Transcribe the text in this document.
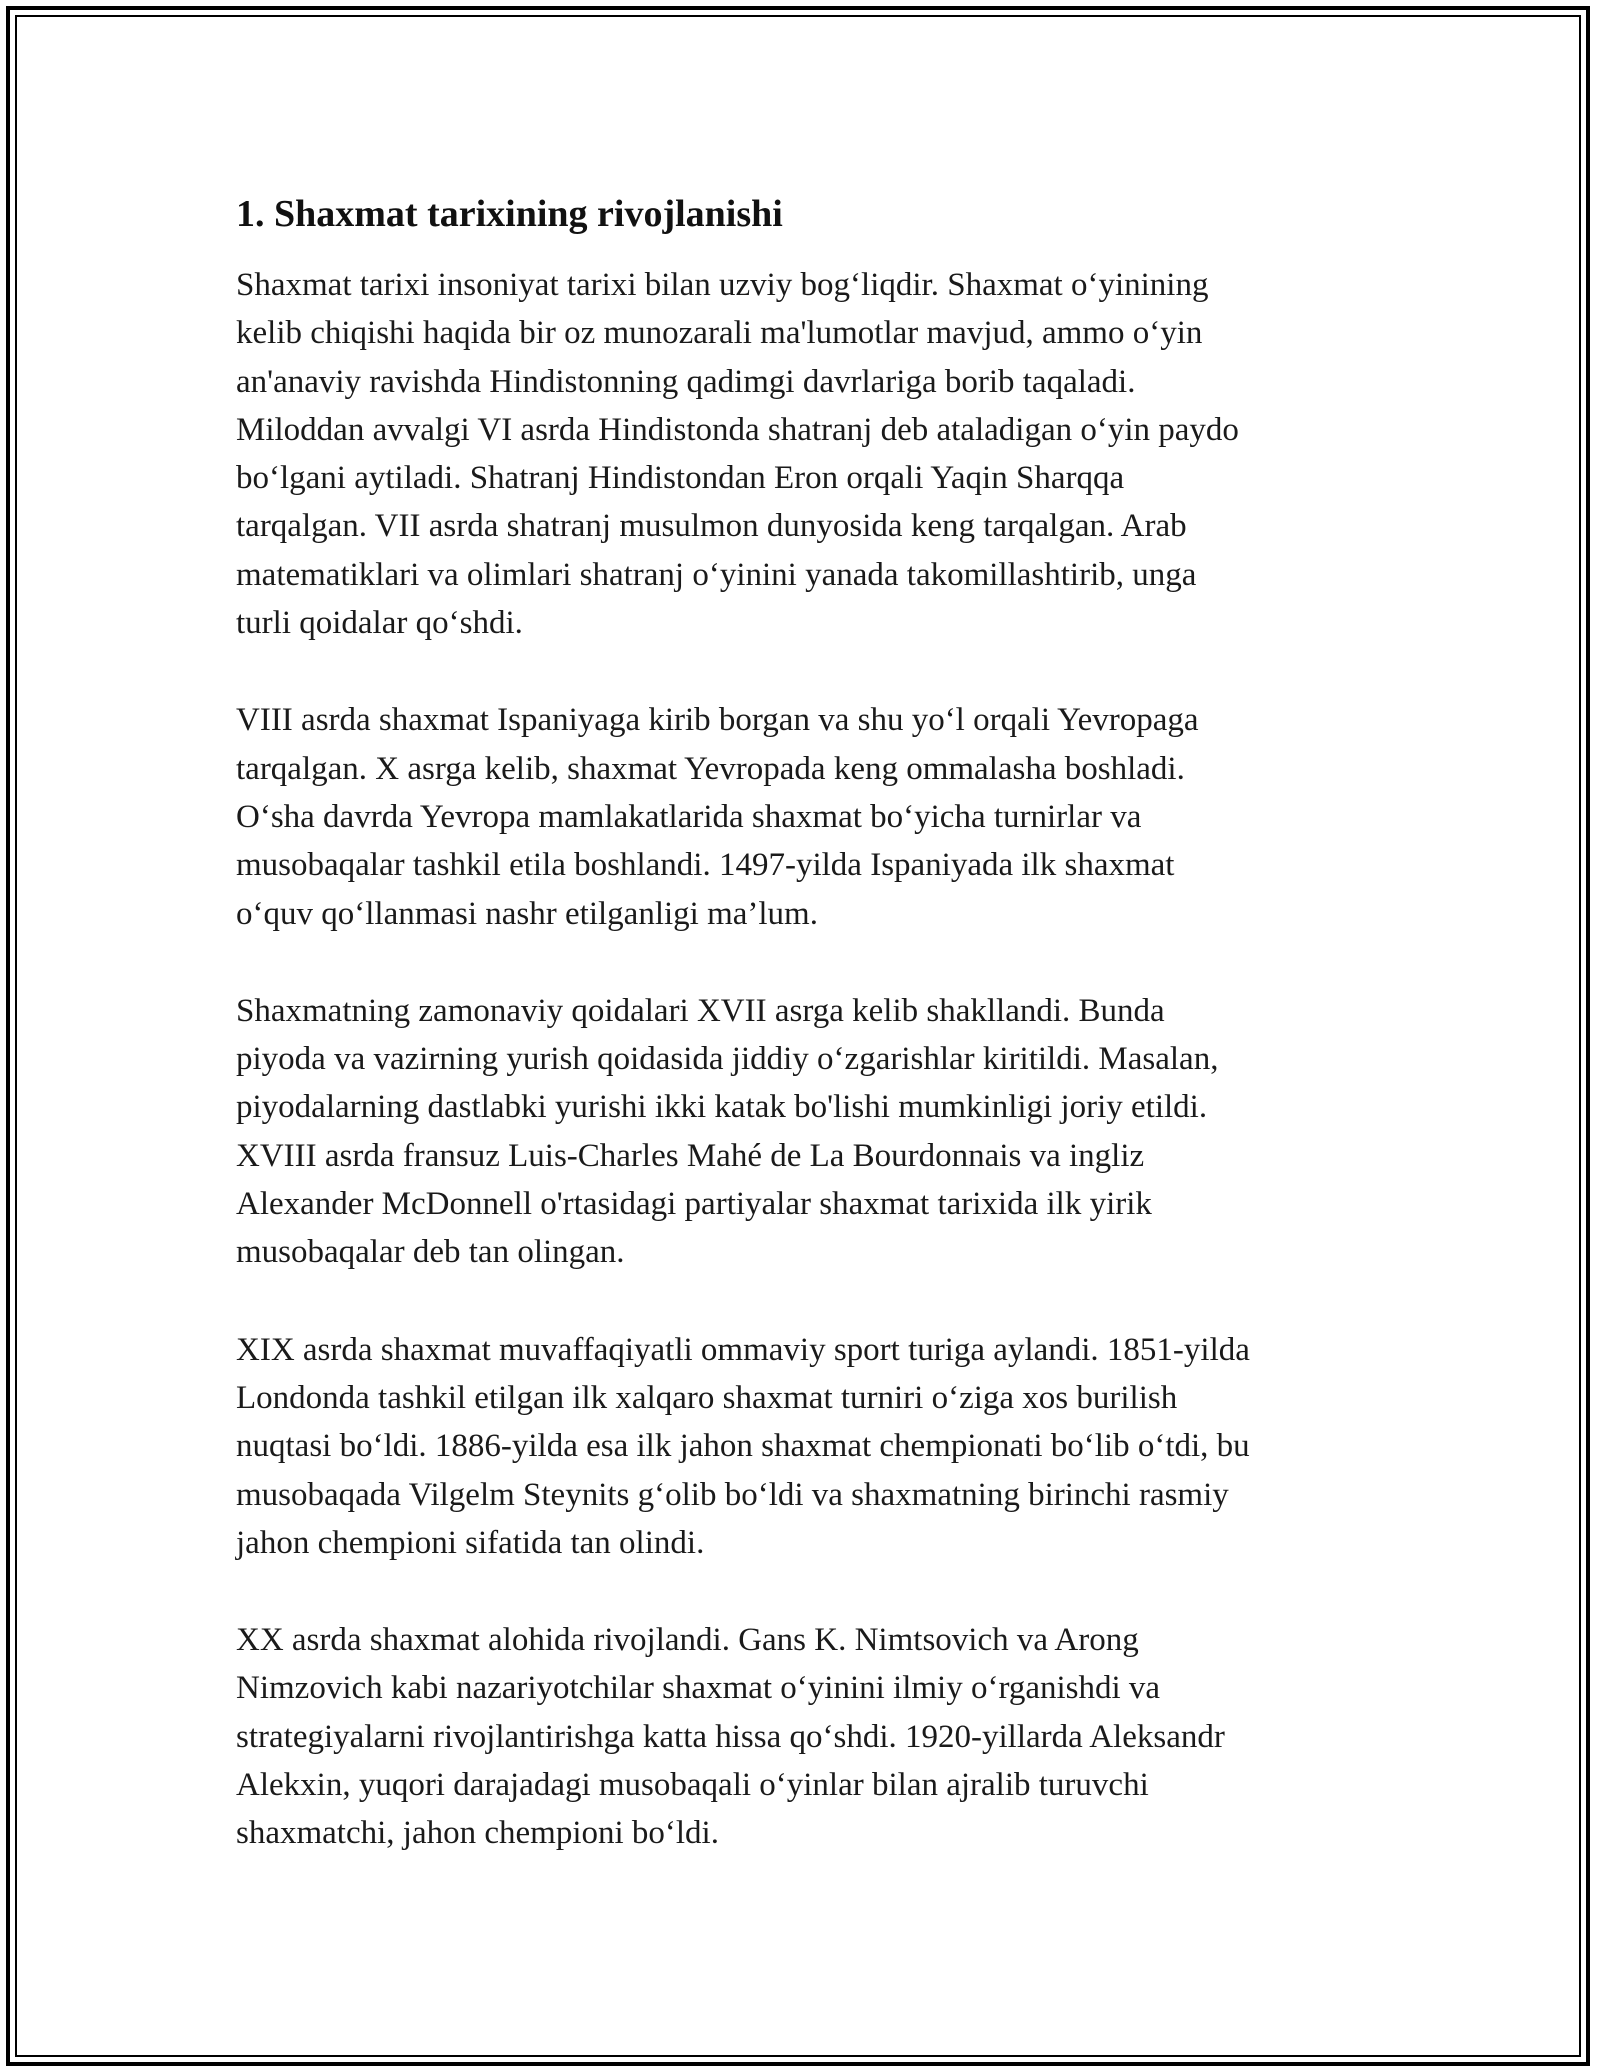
1. Shaxmat tarixining rivojlanishi

Shaxmat tarixi insoniyat tarixi bilan uzviy bog‘liqdir. Shaxmat o‘yinining
kelib chiqishi haqida bir oz munozarali ma'lumotlar mavjud, ammo o‘yin
an'anaviy ravishda Hindistonning qadimgi davrlariga borib taqaladi.
Miloddan avvalgi VI asrda Hindistonda shatranj deb ataladigan o‘yin paydo
bo‘lgani aytiladi. Shatranj Hindistondan Eron orqali Yaqin Sharqqa
tarqalgan. VII asrda shatranj musulmon dunyosida keng tarqalgan. Arab
matematiklari va olimlari shatranj o‘yinini yanada takomillashtirib, unga
turli qoidalar qo‘shdi.

VIII asrda shaxmat Ispaniyaga kirib borgan va shu yo‘l orqali Yevropaga
tarqalgan. X asrga kelib, shaxmat Yevropada keng ommalasha boshladi.
O‘sha davrda Yevropa mamlakatlarida shaxmat bo‘yicha turnirlar va
musobaqalar tashkil etila boshlandi. 1497-yilda Ispaniyada ilk shaxmat
o‘quv qo‘llanmasi nashr etilganligi ma’lum.

Shaxmatning zamonaviy qoidalari XVII asrga kelib shakllandi. Bunda
piyoda va vazirning yurish qoidasida jiddiy o‘zgarishlar kiritildi. Masalan,
piyodalarning dastlabki yurishi ikki katak bo'lishi mumkinligi joriy etildi.
XVIII asrda fransuz Luis-Charles Mahé de La Bourdonnais va ingliz
Alexander McDonnell o'rtasidagi partiyalar shaxmat tarixida ilk yirik
musobaqalar deb tan olingan.

XIX asrda shaxmat muvaffaqiyatli ommaviy sport turiga aylandi. 1851-yilda
Londonda tashkil etilgan ilk xalqaro shaxmat turniri o‘ziga xos burilish
nuqtasi bo‘ldi. 1886-yilda esa ilk jahon shaxmat chempionati bo‘lib o‘tdi, bu
musobaqada Vilgelm Steynits g‘olib bo‘ldi va shaxmatning birinchi rasmiy
jahon chempioni sifatida tan olindi.

XX asrda shaxmat alohida rivojlandi. Gans K. Nimtsovich va Arong
Nimzovich kabi nazariyotchilar shaxmat o‘yinini ilmiy o‘rganishdi va
strategiyalarni rivojlantirishga katta hissa qo‘shdi. 1920-yillarda Aleksandr
Alekxin, yuqori darajadagi musobaqali o‘yinlar bilan ajralib turuvchi
shaxmatchi, jahon chempioni bo‘ldi.
